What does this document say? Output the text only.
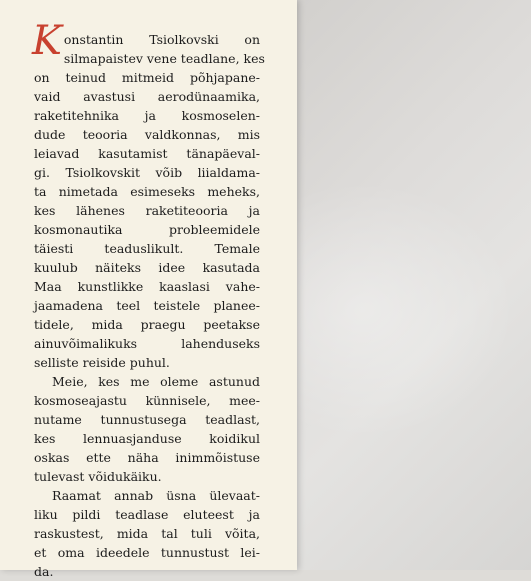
K onstantin Tsiolkovski on
silmapaistev vene teadlane, kes
on teinud mitmeid põhjapane-
vaid avastusi aerodünaamika,
raketitehnika ja kosmoselen-
dude teooria valdkonnas, mis
leiavad kasutamist tänapäeval-
gi. Tsiolkovskit võib liialdama-
ta nimetada esimeseks meheks,
kes lähenes raketiteooria ja
kosmonautika probleemidele
täiesti teaduslikult. Temale
kuulub näiteks idee kasutada
Maa kunstlikke kaaslasi vahe-
jaamadena teel teistele planee-
tidele, mida praegu peetakse
ainuvõimalikuks lahenduseks
selliste reiside puhul.
Meie, kes me oleme astunud
kosmoseajastu künnisele, mee-
nutame tunnustusega teadlast,
kes lennuasjanduse koidikul
oskas ette näha inimmõistuse
tulevast võidukäiku.
Raamat annab üsna ülevaat-
liku pildi teadlase eluteest ja
raskustest, mida tal tuli võita,
et oma ideedele tunnustust lei-
da.
